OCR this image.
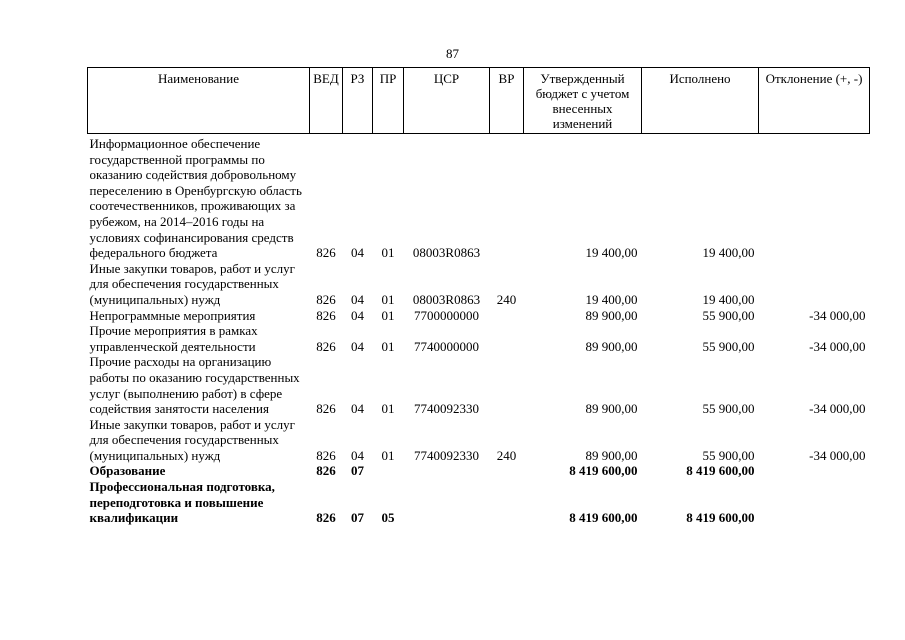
87
Наименование	ВЕД	РЗ	ПР	ЦСР	ВР	Утвержденный бюджет с учетом внесенных изменений	Исполнено	Отклонение (+, -)

Информационное обеспечение государственной программы по оказанию содействия добровольному переселению в Оренбургскую область соотечественников, проживающих за рубежом, на 2014–2016 годы на условиях софинансирования средств федерального бюджета	826	04	01	08003R0863		19 400,00	19 400,00	
Иные закупки товаров, работ и услуг для обеспечения государственных (муниципальных) нужд	826	04	01	08003R0863	240	19 400,00	19 400,00	
Непрограммные мероприятия	826	04	01	7700000000		89 900,00	55 900,00	-34 000,00
Прочие мероприятия в рамках управленческой деятельности	826	04	01	7740000000		89 900,00	55 900,00	-34 000,00
Прочие расходы на организацию работы по оказанию государственных услуг (выполнению работ) в сфере содействия занятости населения	826	04	01	7740092330		89 900,00	55 900,00	-34 000,00
Иные закупки товаров, работ и услуг для обеспечения государственных (муниципальных) нужд	826	04	01	7740092330	240	89 900,00	55 900,00	-34 000,00
Образование	826	07				8 419 600,00	8 419 600,00	
Профессиональная подготовка, переподготовка и повышение квалификации	826	07	05			8 419 600,00	8 419 600,00	
